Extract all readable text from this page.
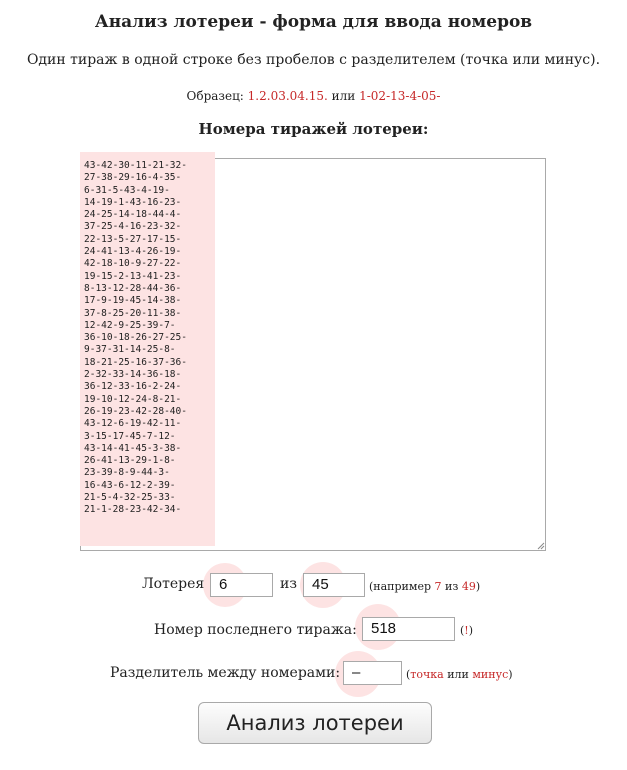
Анализ лотереи - форма для ввода номеров
Один тираж в одной строке без пробелов с разделителем (точка или минус).
Образец: 1.2.03.04.15. или 1-02-13-4-05-
Номера тиражей лотереи:
43-42-30-11-21-32-
27-38-29-16-4-35-
6-31-5-43-4-19-
14-19-1-43-16-23-
24-25-14-18-44-4-
37-25-4-16-23-32-
22-13-5-27-17-15-
24-41-13-4-26-19-
42-18-10-9-27-22-
19-15-2-13-41-23-
8-13-12-28-44-36-
17-9-19-45-14-38-
37-8-25-20-11-38-
12-42-9-25-39-7-
36-10-18-26-27-25-
9-37-31-14-25-8-
18-21-25-16-37-36-
2-32-33-14-36-18-
36-12-33-16-2-24-
19-10-12-24-8-21-
26-19-23-42-28-40-
43-12-6-19-42-11-
3-15-17-45-7-12-
43-14-41-45-3-38-
26-41-13-29-1-8-
23-39-8-9-44-3-
16-43-6-12-2-39-
21-5-4-32-25-33-
21-1-28-23-42-34-
Лотерея 6	из	45	(например 7 из 49)
Номер последнего тиража: 518	(!)
Разделитель между номерами: –	(точка или минус)
Анализ лотереи
